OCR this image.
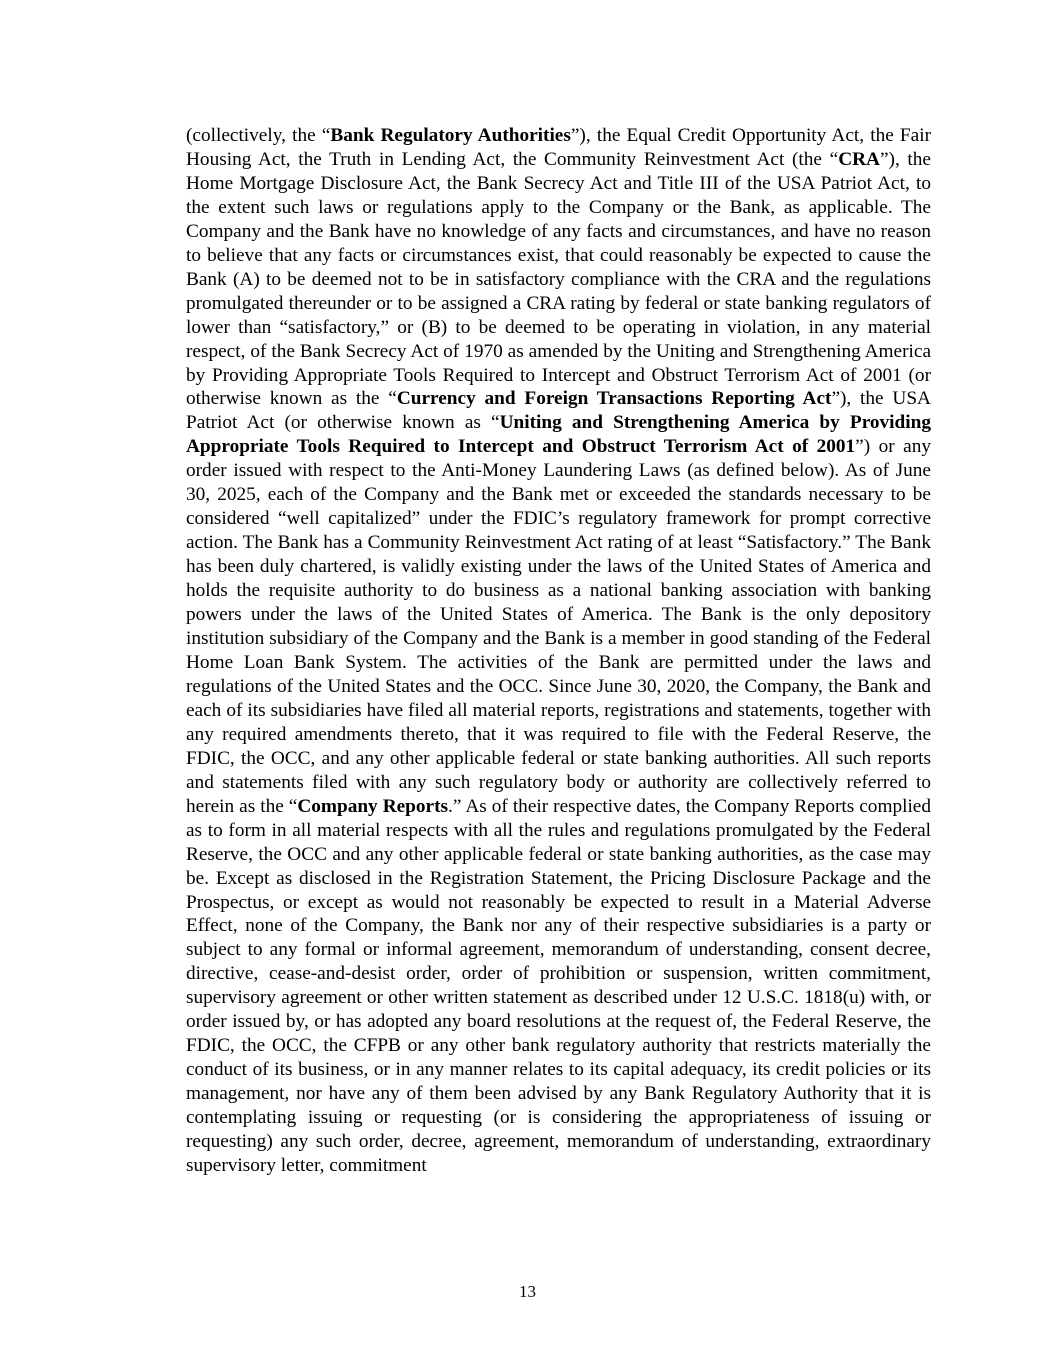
(collectively, the “Bank Regulatory Authorities”), the Equal Credit Opportunity Act, the Fair Housing Act, the Truth in Lending Act, the Community Reinvestment Act (the “CRA”), the Home Mortgage Disclosure Act, the Bank Secrecy Act and Title III of the USA Patriot Act, to the extent such laws or regulations apply to the Company or the Bank, as applicable. The Company and the Bank have no knowledge of any facts and circumstances, and have no reason to believe that any facts or circumstances exist, that could reasonably be expected to cause the Bank (A) to be deemed not to be in satisfactory compliance with the CRA and the regulations promulgated thereunder or to be assigned a CRA rating by federal or state banking regulators of lower than “satisfactory,” or (B) to be deemed to be operating in violation, in any material respect, of the Bank Secrecy Act of 1970 as amended by the Uniting and Strengthening America by Providing Appropriate Tools Required to Intercept and Obstruct Terrorism Act of 2001 (or otherwise known as the “Currency and Foreign Transactions Reporting Act”), the USA Patriot Act (or otherwise known as “Uniting and Strengthening America by Providing Appropriate Tools Required to Intercept and Obstruct Terrorism Act of 2001”) or any order issued with respect to the Anti-Money Laundering Laws (as defined below). As of June 30, 2025, each of the Company and the Bank met or exceeded the standards necessary to be considered “well capitalized” under the FDIC’s regulatory framework for prompt corrective action. The Bank has a Community Reinvestment Act rating of at least “Satisfactory.” The Bank has been duly chartered, is validly existing under the laws of the United States of America and holds the requisite authority to do business as a national banking association with banking powers under the laws of the United States of America. The Bank is the only depository institution subsidiary of the Company and the Bank is a member in good standing of the Federal Home Loan Bank System. The activities of the Bank are permitted under the laws and regulations of the United States and the OCC. Since June 30, 2020, the Company, the Bank and each of its subsidiaries have filed all material reports, registrations and statements, together with any required amendments thereto, that it was required to file with the Federal Reserve, the FDIC, the OCC, and any other applicable federal or state banking authorities. All such reports and statements filed with any such regulatory body or authority are collectively referred to herein as the “Company Reports.” As of their respective dates, the Company Reports complied as to form in all material respects with all the rules and regulations promulgated by the Federal Reserve, the OCC and any other applicable federal or state banking authorities, as the case may be. Except as disclosed in the Registration Statement, the Pricing Disclosure Package and the Prospectus, or except as would not reasonably be expected to result in a Material Adverse Effect, none of the Company, the Bank nor any of their respective subsidiaries is a party or subject to any formal or informal agreement, memorandum of understanding, consent decree, directive, cease-and-desist order, order of prohibition or suspension, written commitment, supervisory agreement or other written statement as described under 12 U.S.C. 1818(u) with, or order issued by, or has adopted any board resolutions at the request of, the Federal Reserve, the FDIC, the OCC, the CFPB or any other bank regulatory authority that restricts materially the conduct of its business, or in any manner relates to its capital adequacy, its credit policies or its management, nor have any of them been advised by any Bank Regulatory Authority that it is contemplating issuing or requesting (or is considering the appropriateness of issuing or requesting) any such order, decree, agreement, memorandum of understanding, extraordinary supervisory letter, commitment

13
